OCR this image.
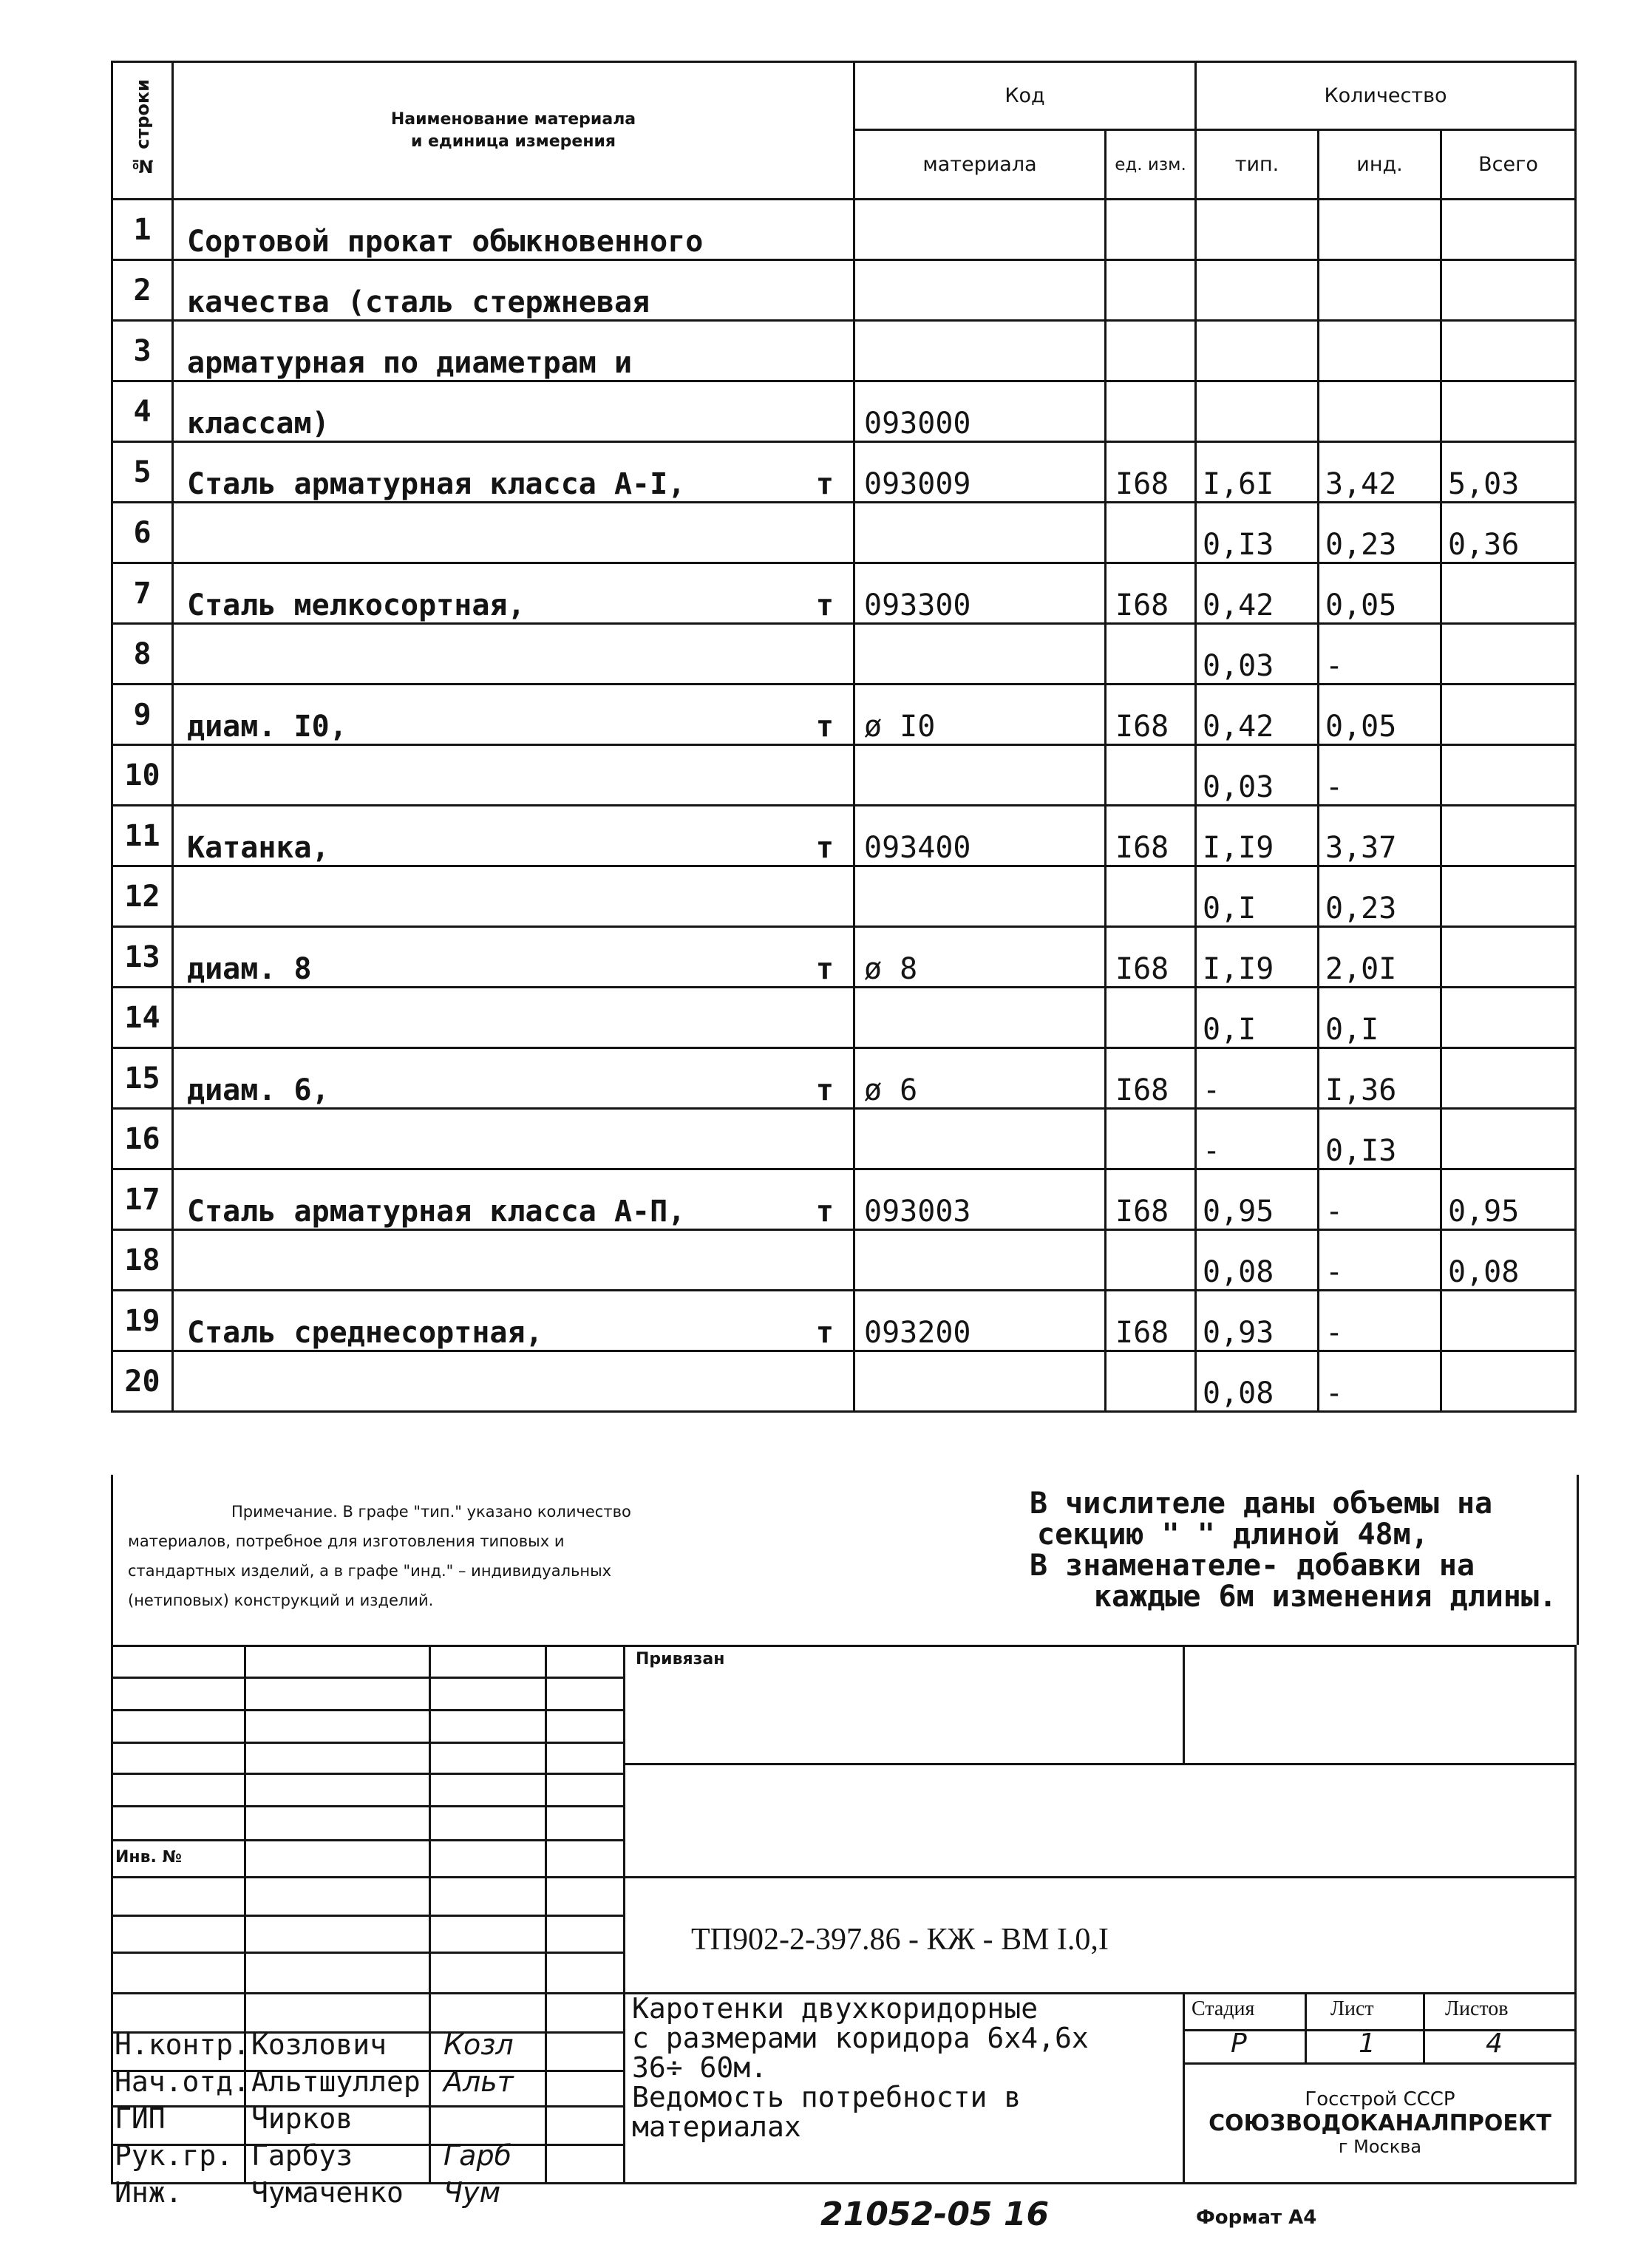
№ строки	Наименование материала
и единица измерения	Код		Количество		
		материала	ед. изм.	тип.	инд.	Всего
1	Сортовой прокат обыкновенного					

2	качества (сталь стержневая					

3	арматурная по диаметрам и					

4	классам)	093000				
5	Сталь арматурная класса А-I, т	093009	I68	I,6I	3,42	5,03
6				0,I3	0,23	0,36
7	Сталь мелкосортная, т	093300	I68	0,42	0,05	
8				0,03	-	
9	диам. I0, т	ø I0	I68	0,42	0,05	
10				0,03	-	
11	Катанка, т	093400	I68	I,I9	3,37	
12				0,I	0,23	
13	диам. 8 т	ø 8	I68	I,I9	2,0I	
14				0,I	0,I	
15	диам. 6, т	ø 6	I68	-	I,36	
16				-	0,I3	
17	Сталь арматурная класса А-П, т	093003	I68	0,95	-	0,95
18				0,08	-	0,08
19	Сталь среднесортная, т	093200	I68	0,93	-	
20				0,08	-	

Примечание. В графе "тип." указано количество

материалов, потребное для изготовления типовых и

стандартных изделий, а в графе "инд." – индивидуальных

(нетиповых) конструкций и изделий.

В числителе даны объемы на

секцию " " длиной 48м,

В знаменателе- добавки на

каждые 6м изменения длины.

Привязан
Инв. №
ТП902-2-397.86 - КЖ - ВМ I.0,I
Н.контр. Козлович Козл
Нач.отд. Альтшуллер Альт
ГИП	Чирков
Рук.гр. Гарбуз	Гарб
Инж. Чумаченко Чум
Каротенки двухкоридорные
с размерами коридора 6х4,6х
36÷ 60м.
Ведомость потребности в
материалах
Стадия	Лист	Листов
Р	1	4
Госстрой СССР
СОЮЗВОДОКАНАЛПРОЕКТ
г Москва
21052-05 16	Формат А4
